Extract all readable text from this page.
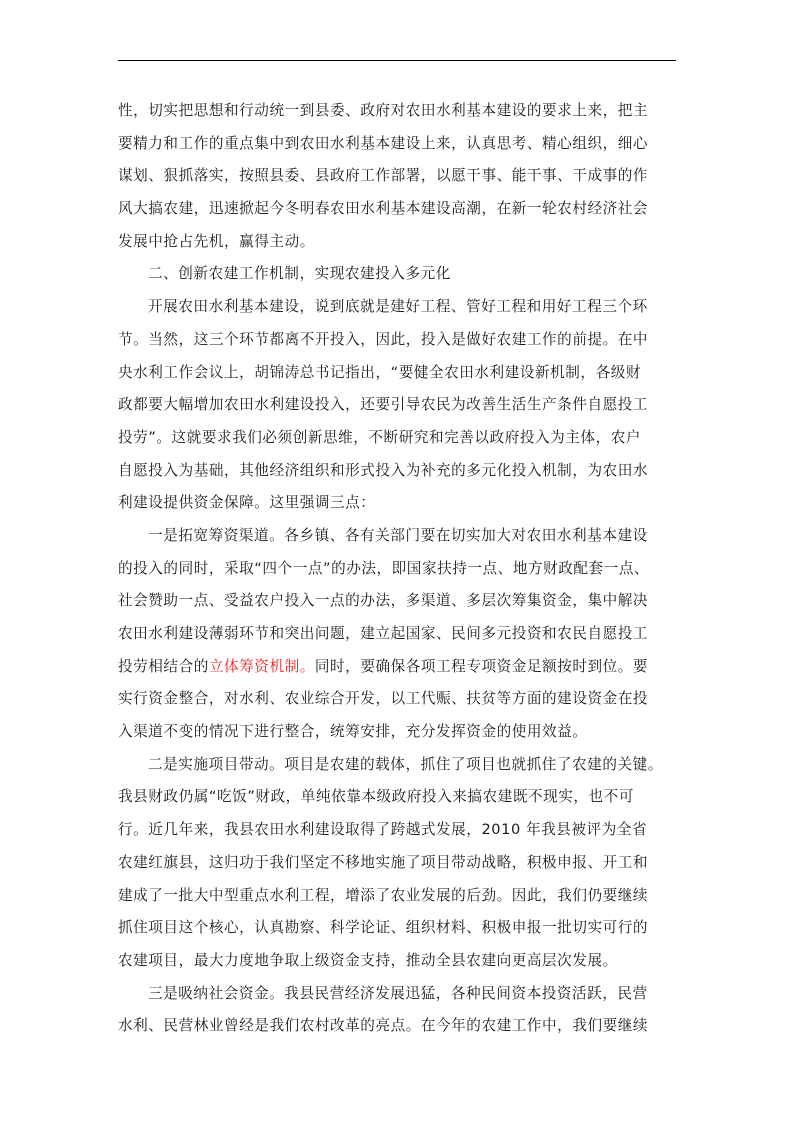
性，切实把思想和行动统一到县委、政府对农田水利基本建设的要求上来，把主
要精力和工作的重点集中到农田水利基本建设上来，认真思考、精心组织，细心
谋划、狠抓落实，按照县委、县政府工作部署，以愿干事、能干事、干成事的作
风大搞农建，迅速掀起今冬明春农田水利基本建设高潮，在新一轮农村经济社会
发展中抢占先机，赢得主动。
二、创新农建工作机制，实现农建投入多元化
开展农田水利基本建设，说到底就是建好工程、管好工程和用好工程三个环
节。当然，这三个环节都离不开投入，因此，投入是做好农建工作的前提。在中
央水利工作会议上，胡锦涛总书记指出，“要健全农田水利建设新机制，各级财
政都要大幅增加农田水利建设投入，还要引导农民为改善生活生产条件自愿投工
投劳”。这就要求我们必须创新思维，不断研究和完善以政府投入为主体，农户
自愿投入为基础，其他经济组织和形式投入为补充的多元化投入机制，为农田水
利建设提供资金保障。这里强调三点：
一是拓宽筹资渠道。各乡镇、各有关部门要在切实加大对农田水利基本建设
的投入的同时，采取“四个一点”的办法，即国家扶持一点、地方财政配套一点、
社会赞助一点、受益农户投入一点的办法，多渠道、多层次筹集资金，集中解决
农田水利建设薄弱环节和突出问题，建立起国家、民间多元投资和农民自愿投工
投劳相结合的立体筹资机制。同时，要确保各项工程专项资金足额按时到位。要
实行资金整合，对水利、农业综合开发，以工代赈、扶贫等方面的建设资金在投
入渠道不变的情况下进行整合，统筹安排，充分发挥资金的使用效益。
二是实施项目带动。项目是农建的载体，抓住了项目也就抓住了农建的关键。
我县财政仍属“吃饭”财政，单纯依靠本级政府投入来搞农建既不现实，也不可
行。近几年来，我县农田水利建设取得了跨越式发展，2010 年我县被评为全省
农建红旗县，这归功于我们坚定不移地实施了项目带动战略，积极申报、开工和
建成了一批大中型重点水利工程，增添了农业发展的后劲。因此，我们仍要继续
抓住项目这个核心，认真勘察、科学论证、组织材料、积极申报一批切实可行的
农建项目，最大力度地争取上级资金支持，推动全县农建向更高层次发展。
三是吸纳社会资金。我县民营经济发展迅猛，各种民间资本投资活跃，民营
水利、民营林业曾经是我们农村改革的亮点。在今年的农建工作中，我们要继续
